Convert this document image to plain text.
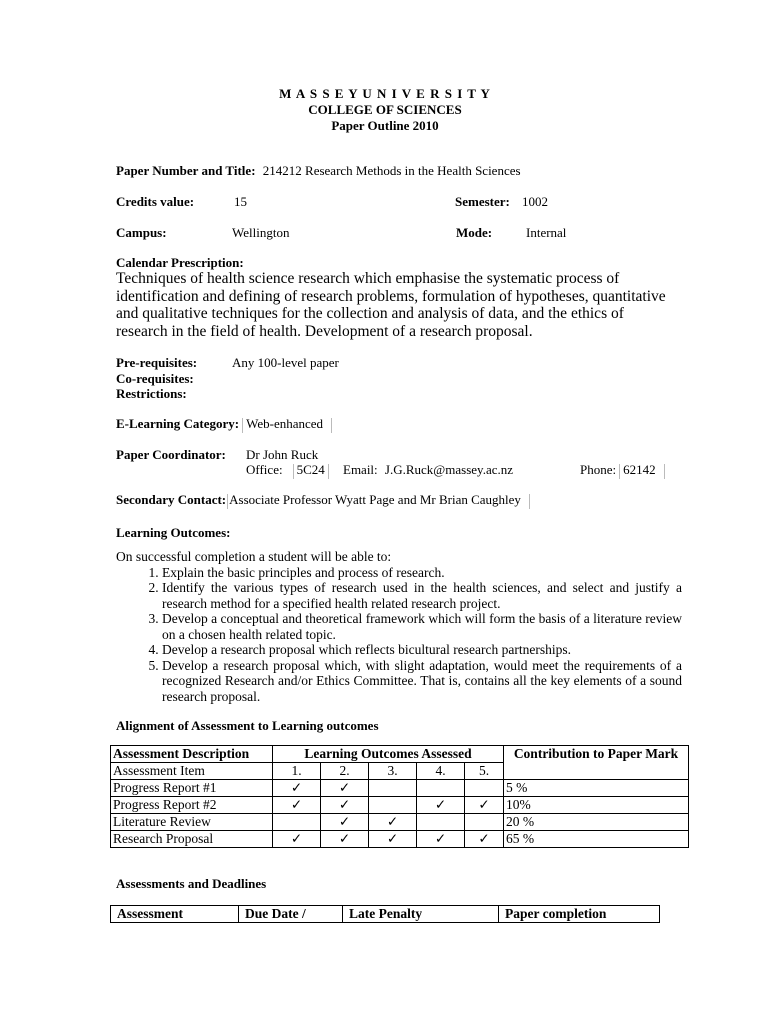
M A S S E Y U N I V E R S I T Y
COLLEGE OF SCIENCES
Paper Outline 2010
Paper Number and Title: 214212 Research Methods in the Health Sciences
Credits value:	15	Semester: 1002
Campus:	Wellington	Mode:	Internal
Calendar Prescription:
Techniques of health science research which emphasise the systematic process of identification and defining of research problems, formulation of hypotheses, quantitative and qualitative techniques for the collection and analysis of data, and the ethics of research in the field of health. Development of a research proposal.
Pre-requisites:	Any 100-level paper
Co-requisites:
Restrictions:
E-Learning Category: Web-enhanced
Paper Coordinator: Dr John Ruck
Office: 5C24 Email: J.G.Ruck@massey.ac.nz	Phone: 62142
Secondary Contact: Associate Professor Wyatt Page and Mr Brian Caughley
Learning Outcomes:
On successful completion a student will be able to:
1. Explain the basic principles and process of research.
2. Identify the various types of research used in the health sciences, and select and justify a research method for a specified health related research project.
3. Develop a conceptual and theoretical framework which will form the basis of a literature review on a chosen health related topic.
4. Develop a research proposal which reflects bicultural research partnerships.
5. Develop a research proposal which, with slight adaptation, would meet the requirements of a recognized Research and/or Ethics Committee. That is, contains all the key elements of a sound research proposal.
Alignment of Assessment to Learning outcomes
Assessment Description	Learning Outcomes Assessed					Contribution to Paper Mark
Assessment Item	1.	2.	3.	4.	5.	
Progress Report #1	✓	✓				5 %
Progress Report #2	✓	✓		✓	✓	10%
Literature Review		✓	✓			20 %
Research Proposal	✓	✓	✓	✓	✓	65 %
Assessments and Deadlines
Assessment	Due Date /	Late Penalty	Paper completion
